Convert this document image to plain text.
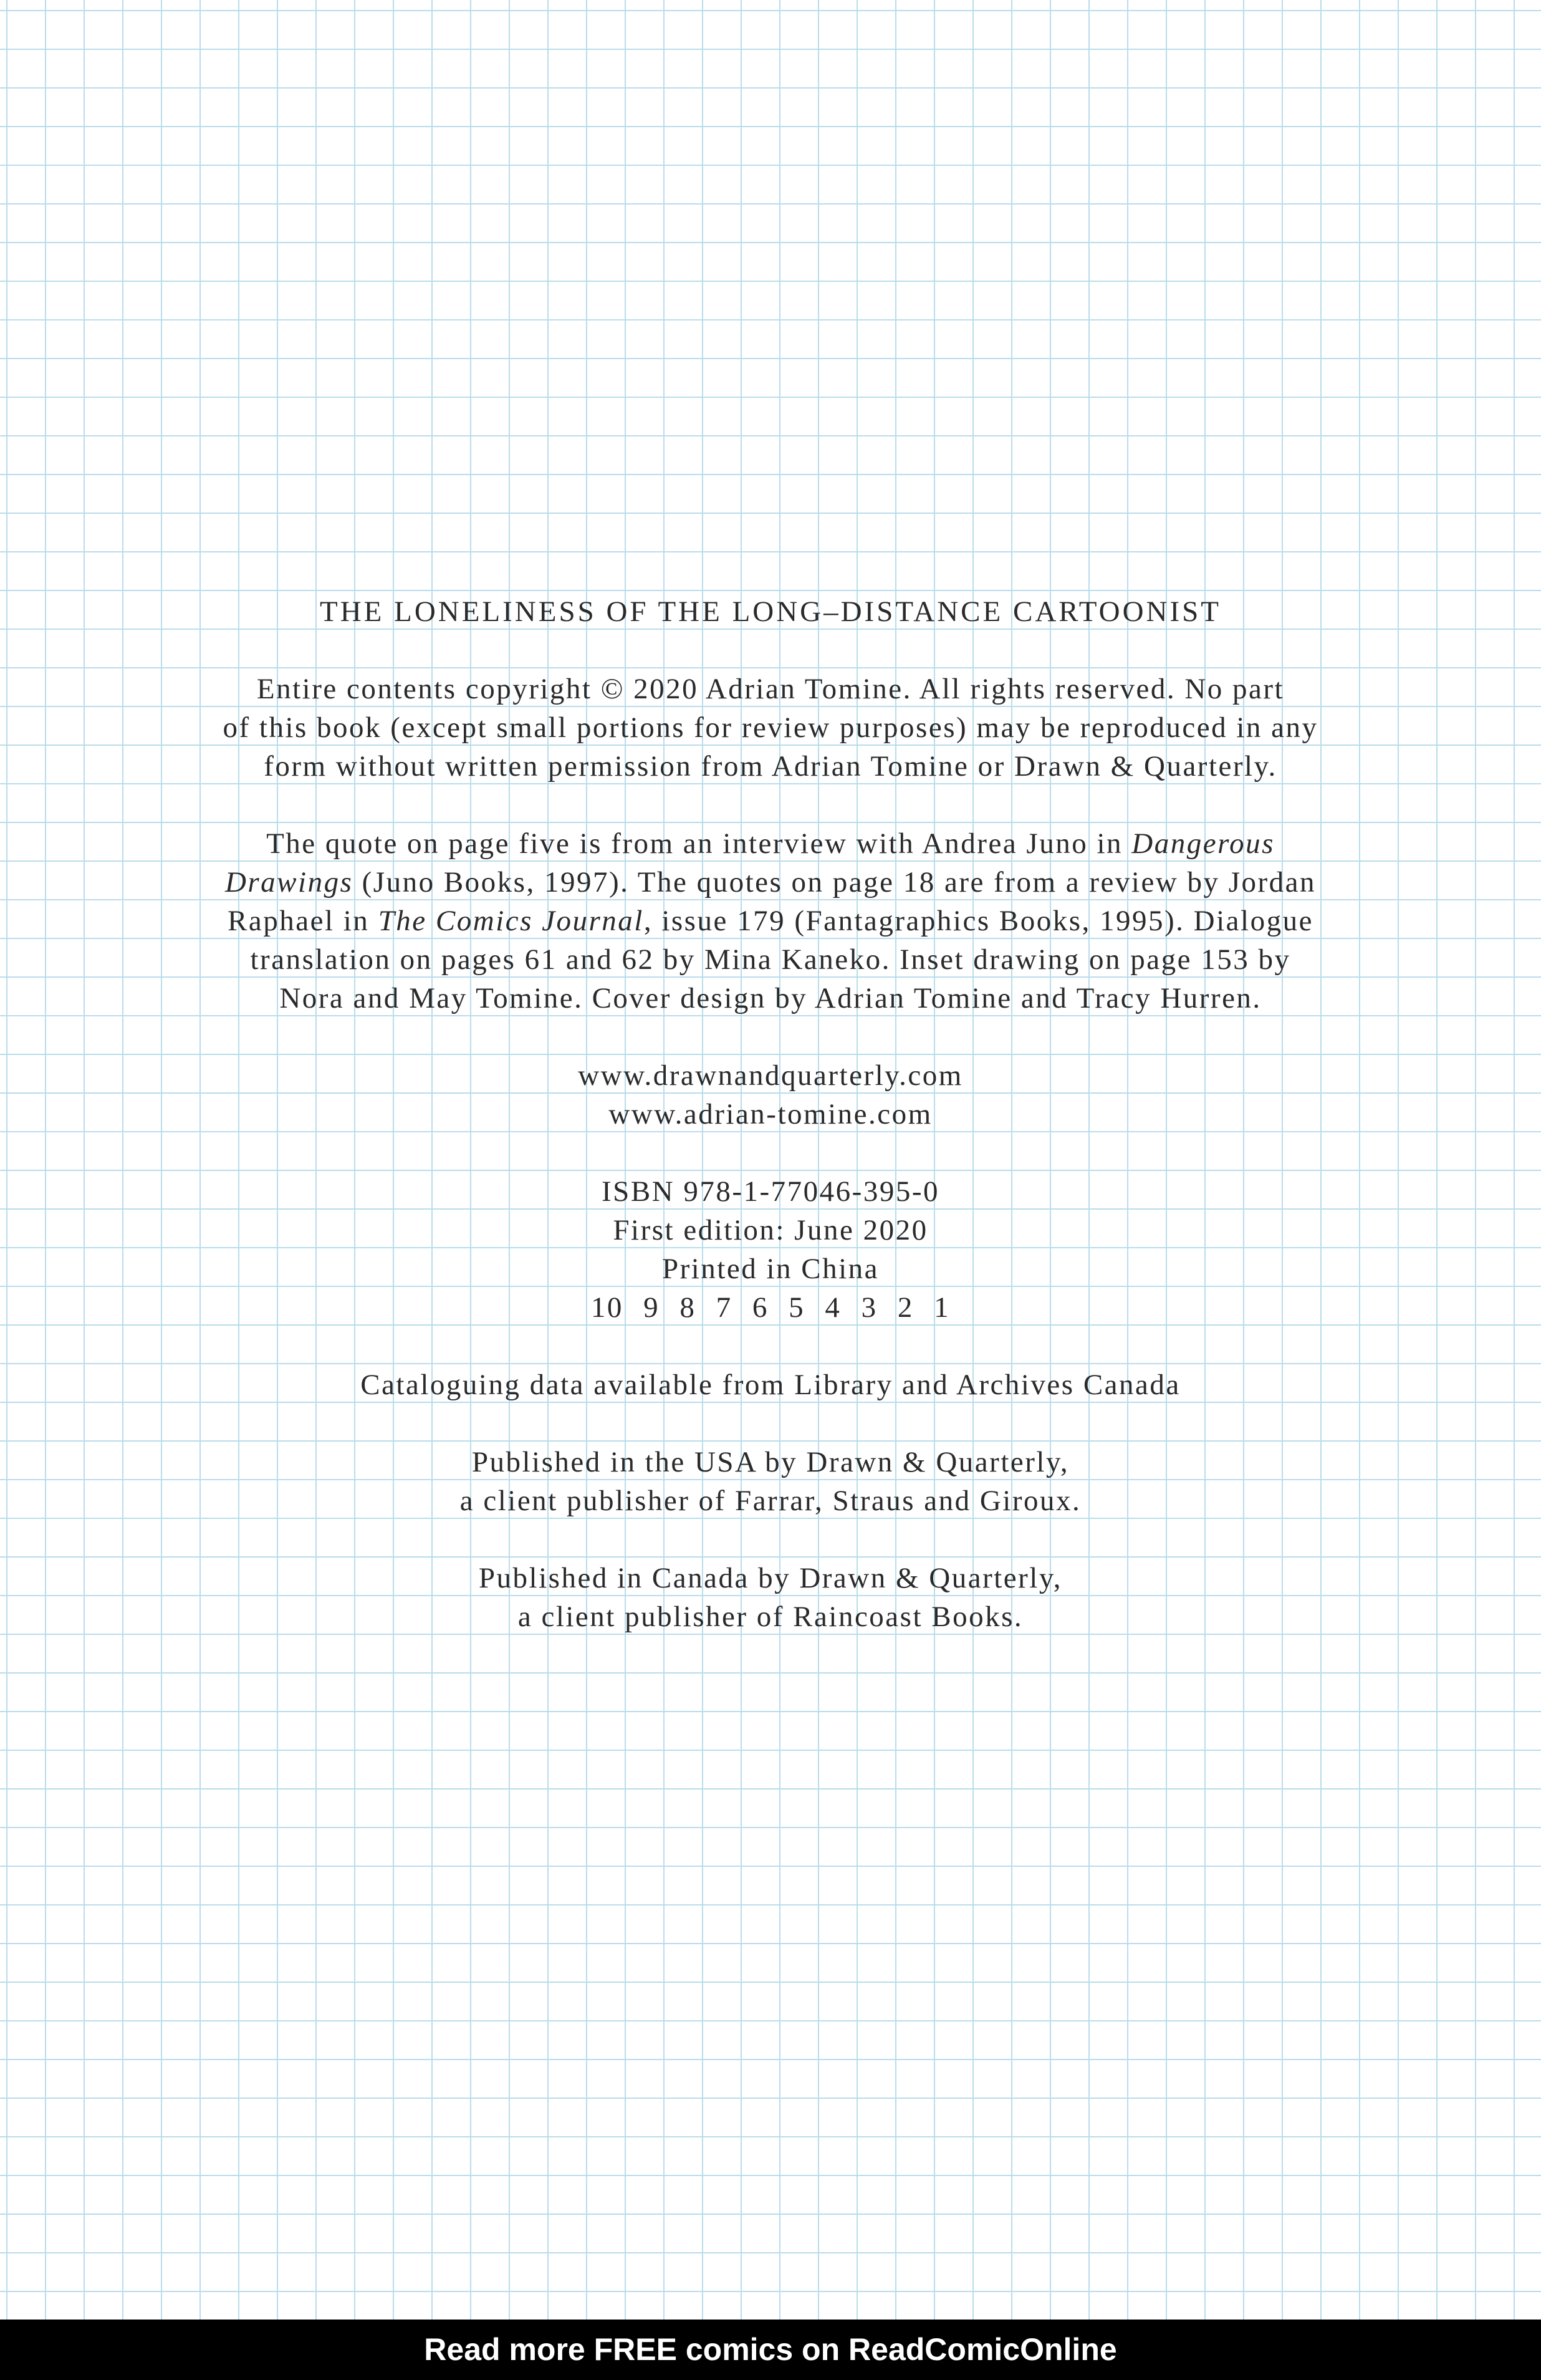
THE LONELINESS OF THE LONG–DISTANCE CARTOONIST

Entire contents copyright © 2020 Adrian Tomine. All rights reserved. No part
of this book (except small portions for review purposes) may be reproduced in any
form without written permission from Adrian Tomine or Drawn & Quarterly.

The quote on page five is from an interview with Andrea Juno in Dangerous
Drawings (Juno Books, 1997). The quotes on page 18 are from a review by Jordan
Raphael in The Comics Journal, issue 179 (Fantagraphics Books, 1995). Dialogue
translation on pages 61 and 62 by Mina Kaneko. Inset drawing on page 153 by
Nora and May Tomine. Cover design by Adrian Tomine and Tracy Hurren.

www.drawnandquarterly.com
www.adrian-tomine.com

ISBN 978-1-77046-395-0
First edition: June 2020
Printed in China
10 9 8 7 6 5 4 3 2 1

Cataloguing data available from Library and Archives Canada

Published in the USA by Drawn & Quarterly,
a client publisher of Farrar, Straus and Giroux.

Published in Canada by Drawn & Quarterly,
a client publisher of Raincoast Books.

Read more FREE comics on ReadComicOnline
